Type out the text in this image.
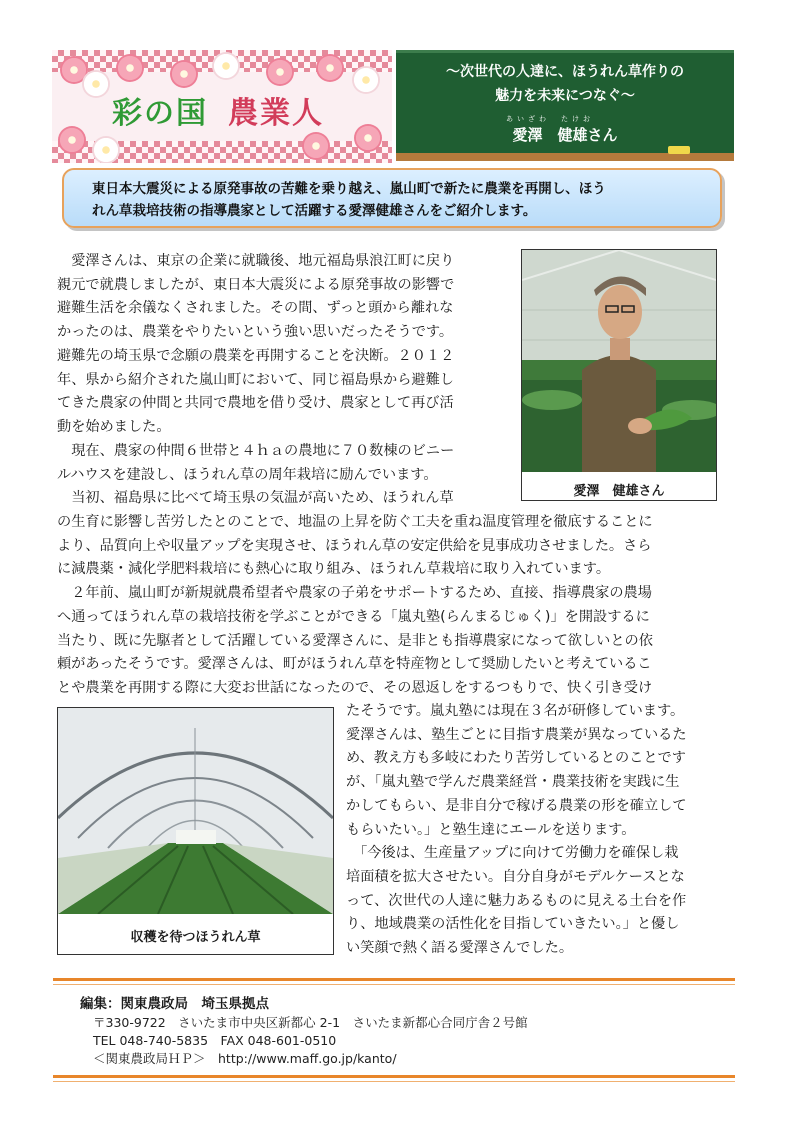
彩の国 農業人
～次世代の人達に、ほうれん草作りの
魅力を未来につなぐ～
あいざわ　たけお
愛澤　健雄さん

東日本大震災による原発事故の苦難を乗り越え、嵐山町で新たに農業を再開し、ほう

れん草栽培技術の指導農家として活躍する愛澤健雄さんをご紹介します。

愛澤　健雄さん
収穫を待つほうれん草
　愛澤さんは、東京の企業に就職後、地元福島県浪江町に戻り
親元で就農しましたが、東日本大震災による原発事故の影響で
避難生活を余儀なくされました。その間、ずっと頭から離れな
かったのは、農業をやりたいという強い思いだったそうです。
避難先の埼玉県で念願の農業を再開することを決断。２０１２
年、県から紹介された嵐山町において、同じ福島県から避難し
てきた農家の仲間と共同で農地を借り受け、農家として再び活
動を始めました。
　現在、農家の仲間６世帯と４ｈａの農地に７０数棟のビニー
ルハウスを建設し、ほうれん草の周年栽培に励んでいます。
　当初、福島県に比べて埼玉県の気温が高いため、ほうれん草
の生育に影響し苦労したとのことで、地温の上昇を防ぐ工夫を重ね温度管理を徹底することに
より、品質向上や収量アップを実現させ、ほうれん草の安定供給を見事成功させました。さら
に減農薬・減化学肥料栽培にも熱心に取り組み、ほうれん草栽培に取り入れています。
　２年前、嵐山町が新規就農希望者や農家の子弟をサポートするため、直接、指導農家の農場
へ通ってほうれん草の栽培技術を学ぶことができる「嵐丸塾(らんまるじゅく)」を開設するに
当たり、既に先駆者として活躍している愛澤さんに、是非とも指導農家になって欲しいとの依
頼があったそうです。愛澤さんは、町がほうれん草を特産物として奨励したいと考えているこ
とや農業を再開する際に大変お世話になったので、その恩返しをするつもりで、快く引き受け
たそうです。嵐丸塾には現在３名が研修しています。
愛澤さんは、塾生ごとに目指す農業が異なっているた
め、教え方も多岐にわたり苦労しているとのことです
が、「嵐丸塾で学んだ農業経営・農業技術を実践に生
かしてもらい、是非自分で稼げる農業の形を確立して
もらいたい。」と塾生達にエールを送ります。
　「今後は、生産量アップに向けて労働力を確保し栽
培面積を拡大させたい。自分自身がモデルケースとな
って、次世代の人達に魅力あるものに見える土台を作
り、地域農業の活性化を目指していきたい。」と優し
い笑顔で熱く語る愛澤さんでした。
編集：関東農政局　埼玉県拠点
〒330-9722　さいたま市中央区新都心 2-1　さいたま新都心合同庁舎２号館
TEL 048-740-5835　FAX 048-601-0510
＜関東農政局ＨＰ＞　http://www.maff.go.jp/kanto/
